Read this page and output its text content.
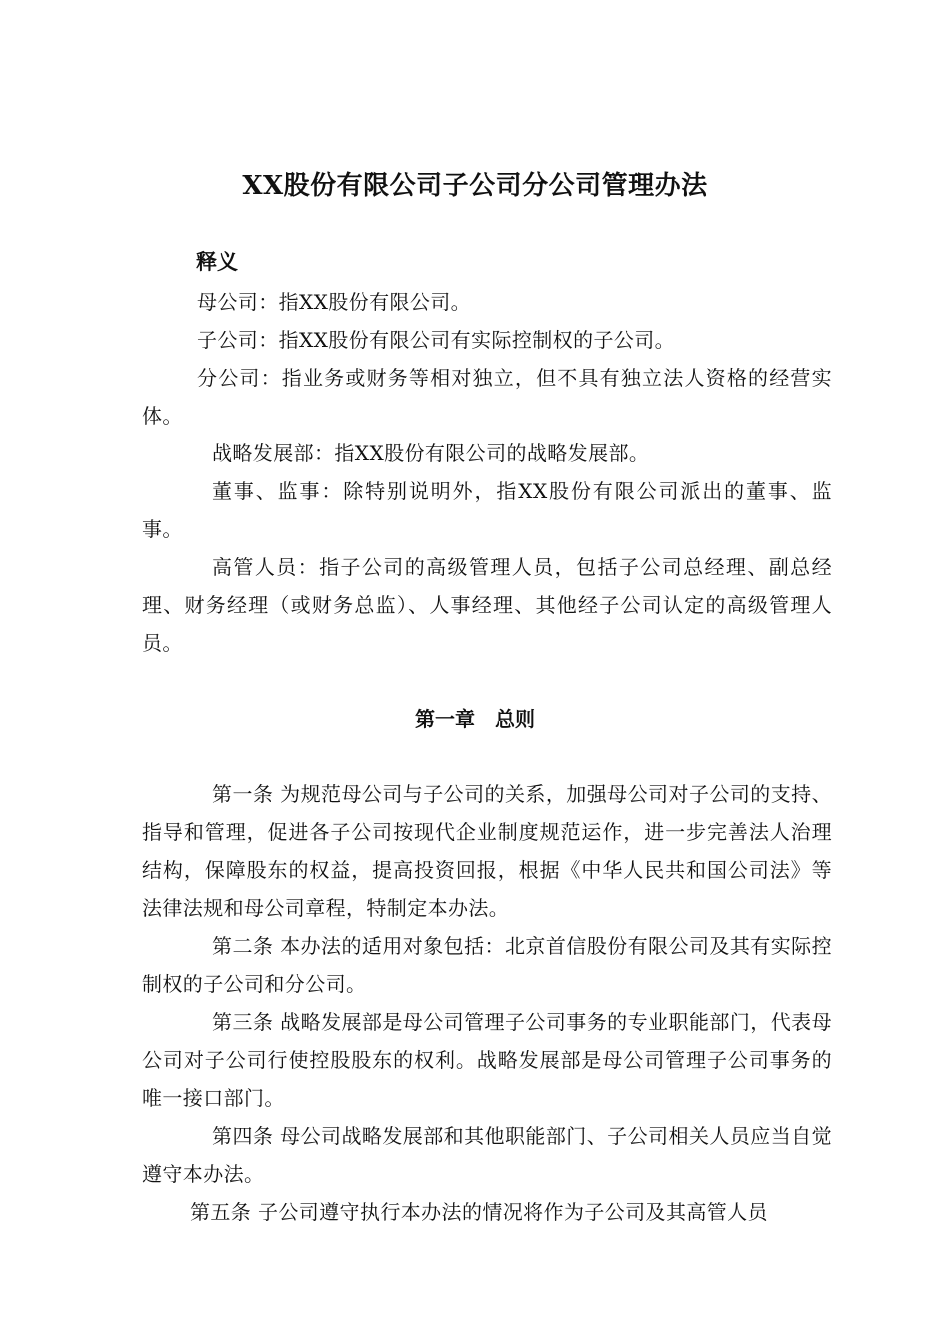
XX股份有限公司子公司分公司管理办法
释义

母公司：指XX股份有限公司。

子公司：指XX股份有限公司有实际控制权的子公司。

分公司：指业务或财务等相对独立，但不具有独立法人资格的经营实体。

战略发展部：指XX股份有限公司的战略发展部。

董事、监事：除特别说明外，指XX股份有限公司派出的董事、监事。

高管人员：指子公司的高级管理人员，包括子公司总经理、副总经理、财务经理（或财务总监）、人事经理、其他经子公司认定的高级管理人员。

第一章　总则

第一条 为规范母公司与子公司的关系，加强母公司对子公司的支持、指导和管理，促进各子公司按现代企业制度规范运作，进一步完善法人治理结构，保障股东的权益，提高投资回报，根据《中华人民共和国公司法》等法律法规和母公司章程，特制定本办法。

第二条 本办法的适用对象包括：北京首信股份有限公司及其有实际控制权的子公司和分公司。

第三条 战略发展部是母公司管理子公司事务的专业职能部门，代表母公司对子公司行使控股股东的权利。战略发展部是母公司管理子公司事务的唯一接口部门。

第四条 母公司战略发展部和其他职能部门、子公司相关人员应当自觉遵守本办法。

第五条 子公司遵守执行本办法的情况将作为子公司及其高管人员
